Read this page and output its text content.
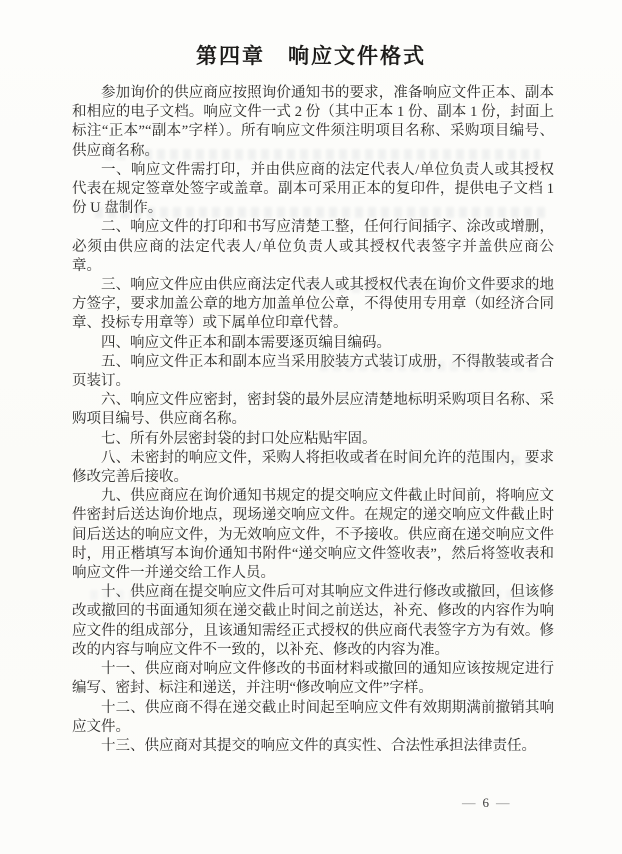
第四章　响应文件格式

参加询价的供应商应按照询价通知书的要求，准备响应文件正本、副本和相应的电子文档。响应文件一式 2 份（其中正本 1 份、副本 1 份，封面上标注“正本”“副本”字样）。所有响应文件须注明项目名称、采购项目编号、供应商名称。

一、响应文件需打印，并由供应商的法定代表人/单位负责人或其授权代表在规定签章处签字或盖章。副本可采用正本的复印件，提供电子文档 1 份 U 盘制作。

二、响应文件的打印和书写应清楚工整，任何行间插字、涂改或增删，必须由供应商的法定代表人/单位负责人或其授权代表签字并盖供应商公章。

三、响应文件应由供应商法定代表人或其授权代表在询价文件要求的地方签字，要求加盖公章的地方加盖单位公章，不得使用专用章（如经济合同章、投标专用章等）或下属单位印章代替。

四、响应文件正本和副本需要逐页编目编码。

五、响应文件正本和副本应当采用胶装方式装订成册，不得散装或者合页装订。

六、响应文件应密封，密封袋的最外层应清楚地标明采购项目名称、采购项目编号、供应商名称。

七、所有外层密封袋的封口处应粘贴牢固。

八、未密封的响应文件，采购人将拒收或者在时间允许的范围内，要求修改完善后接收。

九、供应商应在询价通知书规定的提交响应文件截止时间前，将响应文件密封后送达询价地点，现场递交响应文件。在规定的递交响应文件截止时间后送达的响应文件，为无效响应文件，不予接收。供应商在递交响应文件时，用正楷填写本询价通知书附件“递交响应文件签收表”，然后将签收表和响应文件一并递交给工作人员。

十、供应商在提交响应文件后可对其响应文件进行修改或撤回，但该修改或撤回的书面通知须在递交截止时间之前送达，补充、修改的内容作为响应文件的组成部分，且该通知需经正式授权的供应商代表签字方为有效。修改的内容与响应文件不一致的，以补充、修改的内容为准。

十一、供应商对响应文件修改的书面材料或撤回的通知应该按规定进行编写、密封、标注和递送，并注明“修改响应文件”字样。

十二、供应商不得在递交截止时间起至响应文件有效期期满前撤销其响应文件。

十三、供应商对其提交的响应文件的真实性、合法性承担法律责任。

— 6 —
